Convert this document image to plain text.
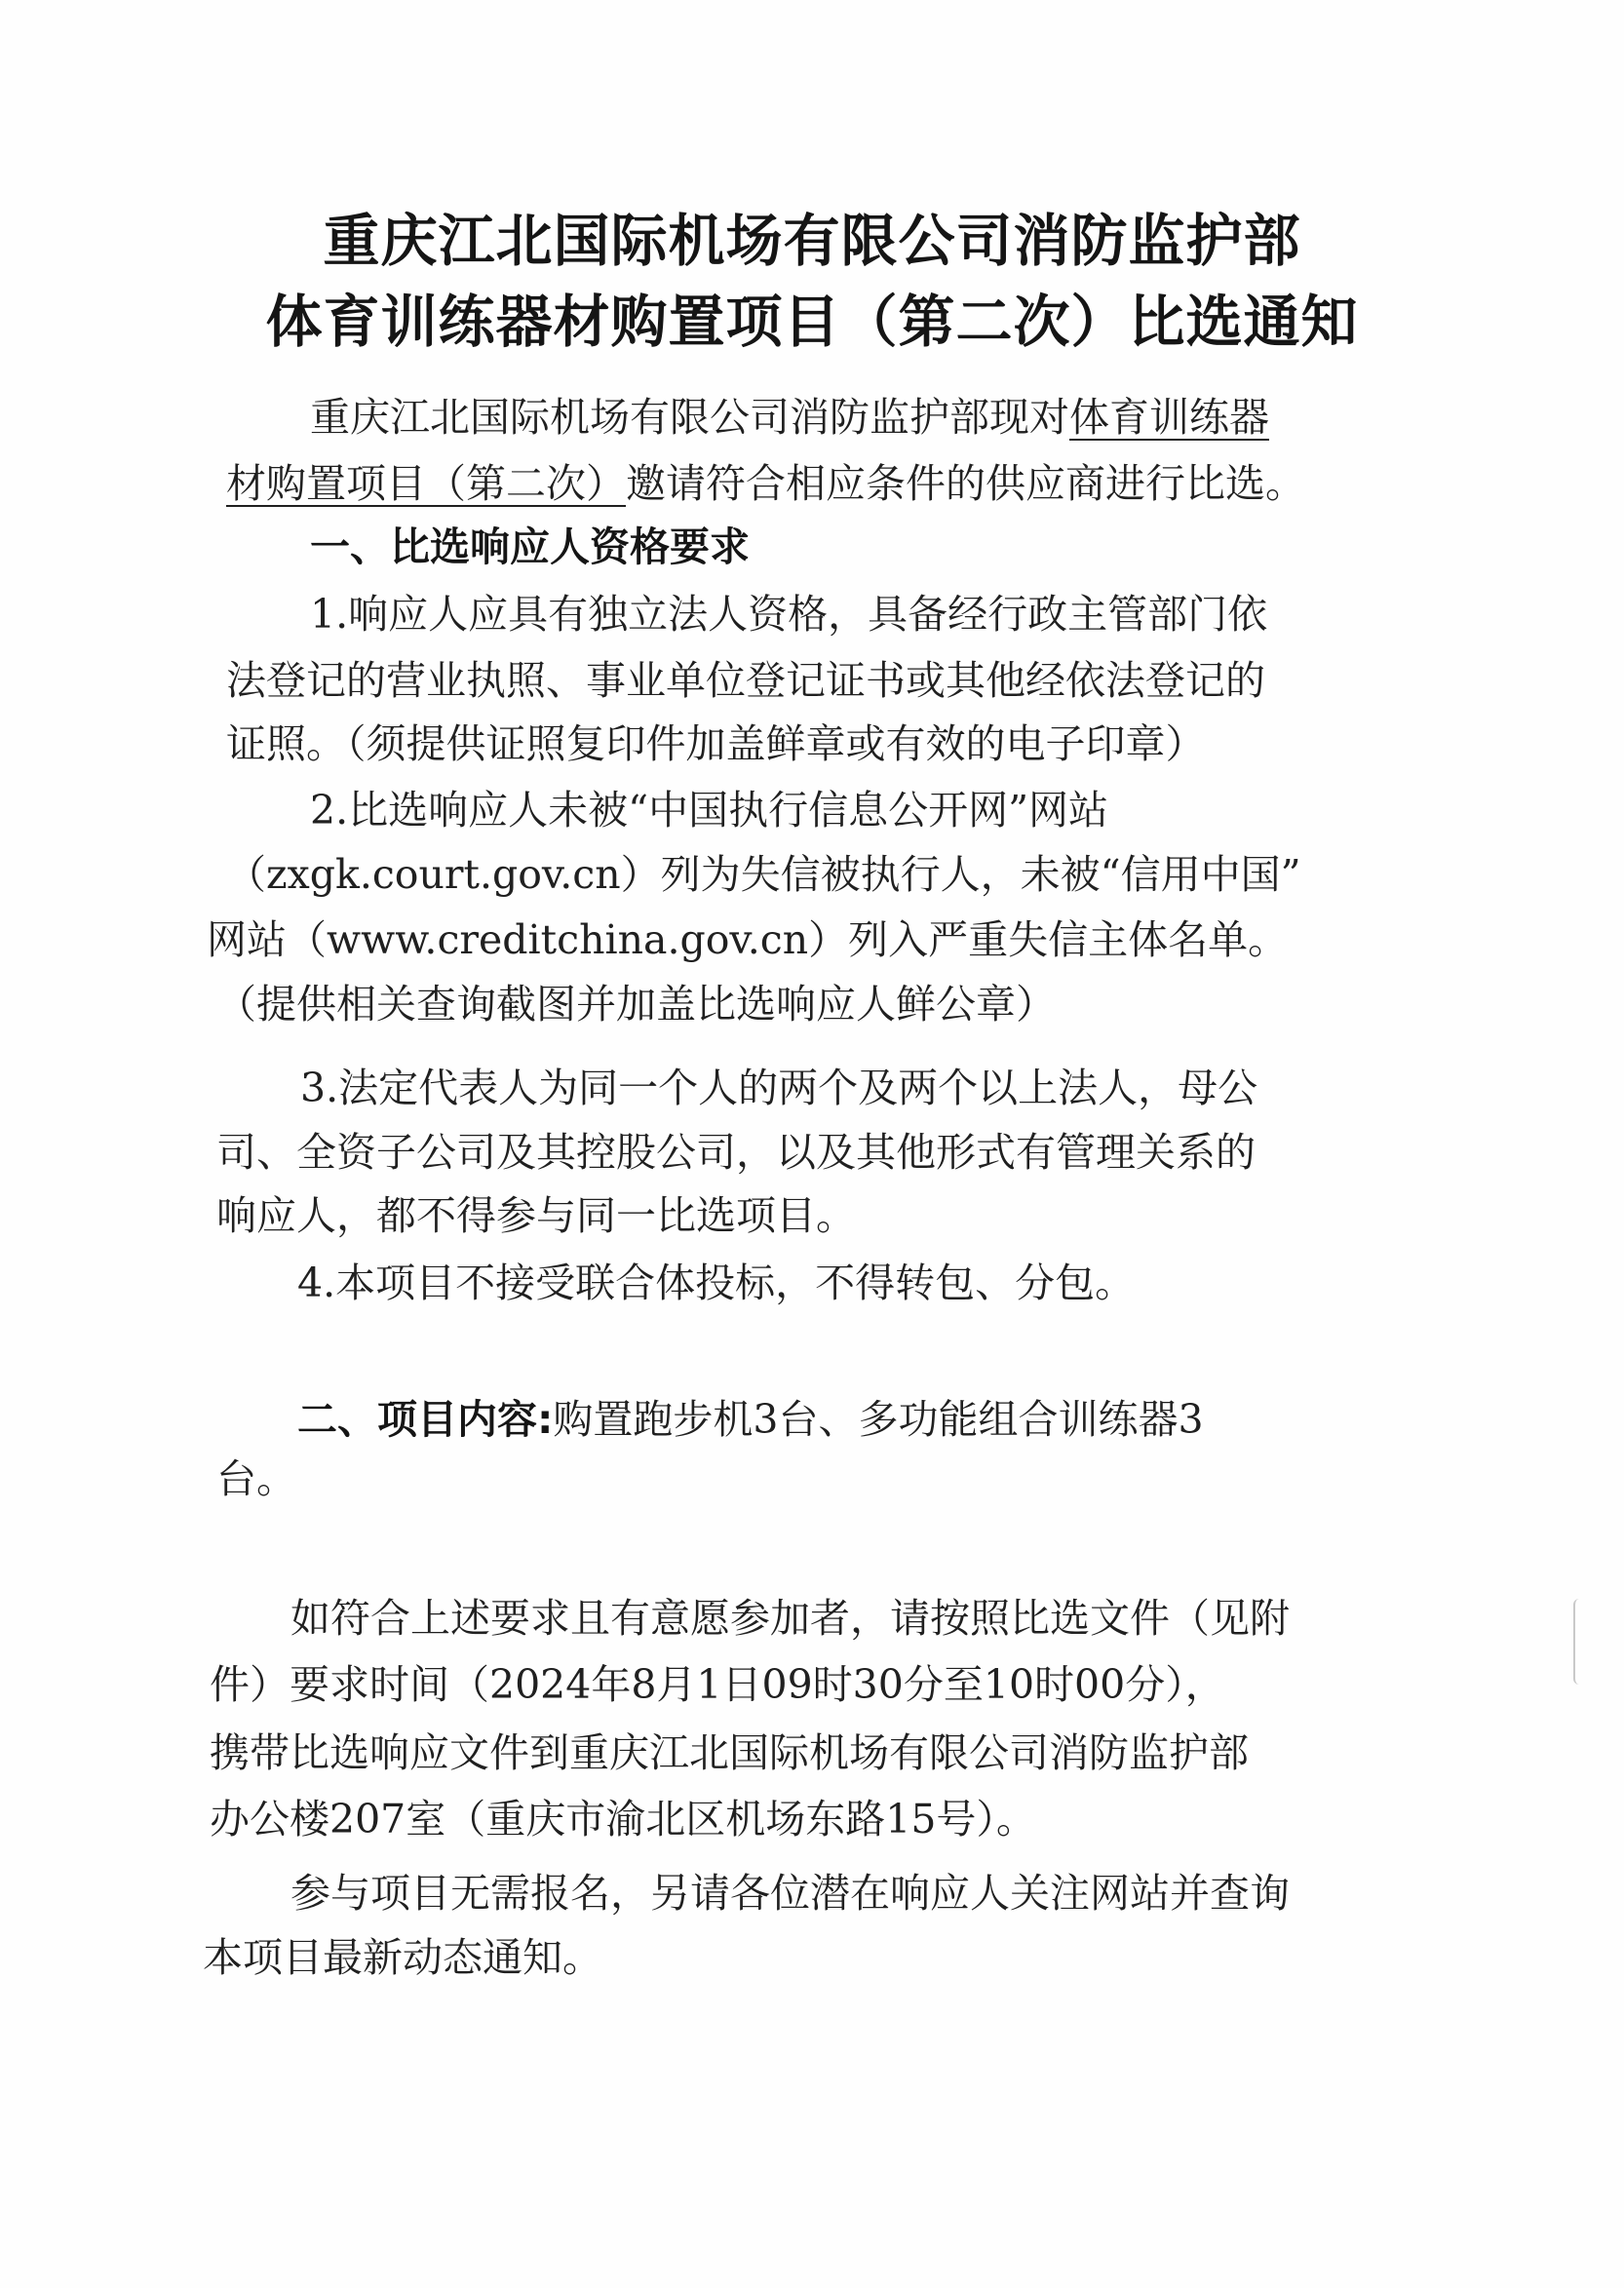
重庆江北国际机场有限公司消防监护部
体育训练器材购置项目（第二次）比选通知
重庆江北国际机场有限公司消防监护部现对体育训练器
材购置项目（第二次）邀请符合相应条件的供应商进行比选。
一、比选响应人资格要求
1.响应人应具有独立法人资格，具备经行政主管部门依
法登记的营业执照、事业单位登记证书或其他经依法登记的
证照。（须提供证照复印件加盖鲜章或有效的电子印章）
2.比选响应人未被“中国执行信息公开网”网站
（zxgk.court.gov.cn）列为失信被执行人，未被“信用中国”
网站（www.creditchina.gov.cn）列入严重失信主体名单。
（提供相关查询截图并加盖比选响应人鲜公章）
3.法定代表人为同一个人的两个及两个以上法人，母公
司、全资子公司及其控股公司，以及其他形式有管理关系的
响应人，都不得参与同一比选项目。
4.本项目不接受联合体投标，不得转包、分包。
二、项目内容:购置跑步机3台、多功能组合训练器3
台。
如符合上述要求且有意愿参加者，请按照比选文件（见附
件）要求时间（2024年8月1日09时30分至10时00分），
携带比选响应文件到重庆江北国际机场有限公司消防监护部
办公楼207室（重庆市渝北区机场东路15号）。
参与项目无需报名，另请各位潜在响应人关注网站并查询
本项目最新动态通知。
